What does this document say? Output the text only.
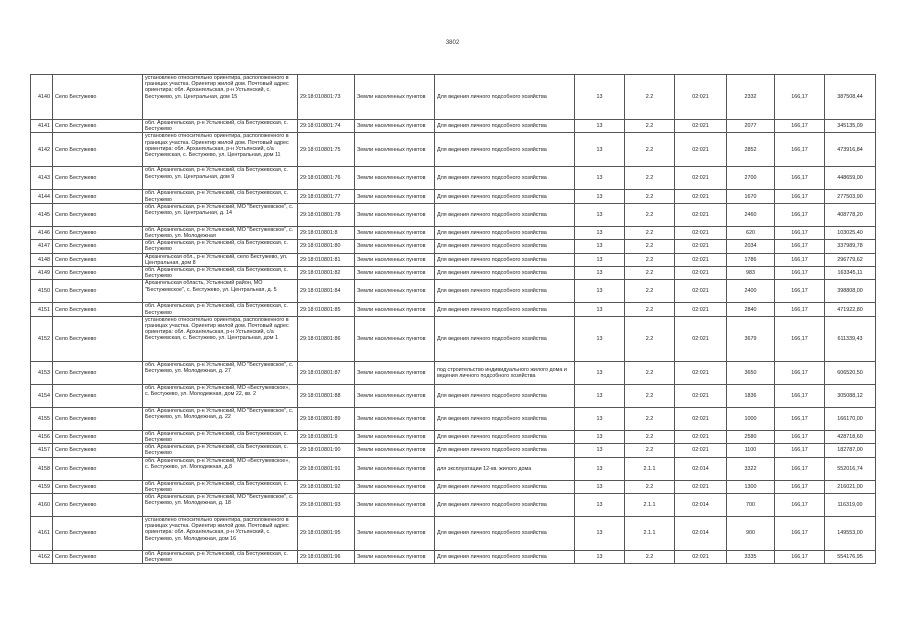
3802
4140	Село Бестужево	установлено относительно ориентира, расположенного в границах участка. Ориентир жилой дом. Почтовый адрес ориентира: обл. Архангельская, р-н Устьянский, с. Бестужево, ул. Центральная, дом 15	29:18:010801:73	Земли населенных пунктов	Для ведения личного подсобного хозяйства	13	2.2	02:021	2332	166,17	387508,44
4141	Село Бестужево	обл. Архангельская, р-н Устьянский, с/а Бестужевская, с. Бестужево	29:18:010801:74	Земли населенных пунктов	Для ведения личного подсобного хозяйства	13	2.2	02:021	2077	166,17	345135,09
4142	Село Бестужево	установлено относительно ориентира, расположенного в границах участка. Ориентир жилой дом. Почтовый адрес ориентира: обл. Архангельская, р-н Устьянский, с/а Бестужевская, с. Бестужево, ул. Центральная, дом 11	29:18:010801:75	Земли населенных пунктов	Для ведения личного подсобного хозяйства	13	2.2	02:021	2852	166,17	473916,84
4143	Село Бестужево	обл. Архангельская, р-н Устьянский, с/а Бестужевская, с. Бестужево, ул. Центральная, дом 9	29:18:010801:76	Земли населенных пунктов	Для ведения личного подсобного хозяйства	13	2.2	02:021	2700	166,17	448659,00
4144	Село Бестужево	обл. Архангельская, р-н Устьянский, с/а Бестужевская, с. Бестужево	29:18:010801:77	Земли населенных пунктов	Для ведения личного подсобного хозяйства	13	2.2	02:021	1670	166,17	277503,90
4145	Село Бестужево	обл. Архангельская, р-н Устьянский, МО "Бестужевское", с. Бестужево, ул. Центральная, д. 14	29:18:010801:78	Земли населенных пунктов	Для ведения личного подсобного хозяйства	13	2.2	02:021	2460	166,17	408778,20
4146	Село Бестужево	обл. Архангельская, р-н Устьянский, МО "Бестужевское", с. Бестужево, ул. Молодежная	29:18:010801:8	Земли населенных пунктов	Для ведения личного подсобного хозяйства	13	2.2	02:021	620	166,17	103025,40
4147	Село Бестужево	обл. Архангельская, р-н Устьянский, с/а Бестужевская, с. Бестужево	29:18:010801:80	Земли населенных пунктов	Для ведения личного подсобного хозяйства	13	2.2	02:021	2034	166,17	337989,78
4148	Село Бестужево	Архангельская обл., р-н Устьянский, село Бестужево, ул. Центральная, дом 8	29:18:010801:81	Земли населенных пунктов	Для ведения личного подсобного хозяйства	13	2.2	02:021	1786	166,17	296779,62
4149	Село Бестужево	обл. Архангельская, р-н Устьянский, с/а Бестужевская, с. Бестужево	29:18:010801:82	Земли населенных пунктов	Для ведения личного подсобного хозяйства	13	2.2	02:021	983	166,17	163345,11
4150	Село Бестужево	Архангельская область, Устьянский район, МО "Бестужевское", с. Бестужево, ул. Центральная, д. 5	29:18:010801:84	Земли населенных пунктов	Для ведения личного подсобного хозяйства	13	2.2	02:021	2400	166,17	398808,00
4151	Село Бестужево	обл. Архангельская, р-н Устьянский, с/а Бестужевская, с. Бестужево	29:18:010801:85	Земли населенных пунктов	Для ведения личного подсобного хозяйства	13	2.2	02:021	2840	166,17	471922,80
4152	Село Бестужево	установлено относительно ориентира, расположенного в границах участка. Ориентир жилой дом. Почтовый адрес ориентира: обл. Архангельская, р-н Устьянский, с/а Бестужевская, с. Бестужево, ул. Центральная, дом 1	29:18:010801:86	Земли населенных пунктов	Для ведения личного подсобного хозяйства	13	2.2	02:021	3679	166,17	611339,43
4153	Село Бестужево	обл. Архангельская, р-н Устьянский, МО "Бестужевское", с. Бестужево, ул. Молодежная, д. 27	29:18:010801:87	Земли населенных пунктов	под строительство индивидуального жилого дома и ведения личного подсобного хозяйства	13	2.2	02:021	3650	166,17	606520,50
4154	Село Бестужево	обл. Архангельская, р-н Устьянский, МО «Бестужевское», с. Бестужево, ул. Молодежная, дом 22, кв. 2	29:18:010801:88	Земли населенных пунктов	Для ведения личного подсобного хозяйства	13	2.2	02:021	1836	166,17	305088,12
4155	Село Бестужево	обл. Архангельская, р-н Устьянский, МО "Бестужевское", с. Бестужево, ул. Молодежная, д. 22	29:18:010801:89	Земли населенных пунктов	Для ведения личного подсобного хозяйства	13	2.2	02:021	1000	166,17	166170,00
4156	Село Бестужево	обл. Архангельская, р-н Устьянский, с/а Бестужевская, с. Бестужево	29:18:010801:9	Земли населенных пунктов	Для ведения личного подсобного хозяйства	13	2.2	02:021	2580	166,17	428718,60
4157	Село Бестужево	обл. Архангельская, р-н Устьянский, с/а Бестужевская, с. Бестужево	29:18:010801:90	Земли населенных пунктов	Для ведения личного подсобного хозяйства	13	2.2	02:021	1100	166,17	182787,00
4158	Село Бестужево	обл. Архангельская, р-н Устьянский, МО «Бестужевское», с. Бестужево, ул. Молодежная, д.8	29:18:010801:91	Земли населенных пунктов	для эксплуатации 12-кв. жилого дома	13	2.1.1	02:014	3322	166,17	552016,74
4159	Село Бестужево	обл. Архангельская, р-н Устьянский, с/а Бестужевская, с. Бестужево	29:18:010801:92	Земли населенных пунктов	Для ведения личного подсобного хозяйства	13	2.2	02:021	1300	166,17	216021,00
4160	Село Бестужево	обл. Архангельская, р-н Устьянский, МО "Бестужевское", с. Бестужево, ул. Молодежная, д. 18	29:18:010801:93	Земли населенных пунктов	Для ведения личного подсобного хозяйства	13	2.1.1	02:014	700	166,17	116319,00
4161	Село Бестужево	установлено относительно ориентира, расположенного в границах участка. Ориентир жилой дом. Почтовый адрес ориентира: обл. Архангельская, р-н Устьянский, с. Бестужево, ул. Молодежная, дом 16	29:18:010801:95	Земли населенных пунктов	Для ведения личного подсобного хозяйства	13	2.1.1	02:014	900	166,17	149553,00
4162	Село Бестужево	обл. Архангельская, р-н Устьянский, с/а Бестужевская, с. Бестужево	29:18:010801:96	Земли населенных пунктов	Для ведения личного подсобного хозяйства	13	2.2	02:021	3335	166,17	554176,95
